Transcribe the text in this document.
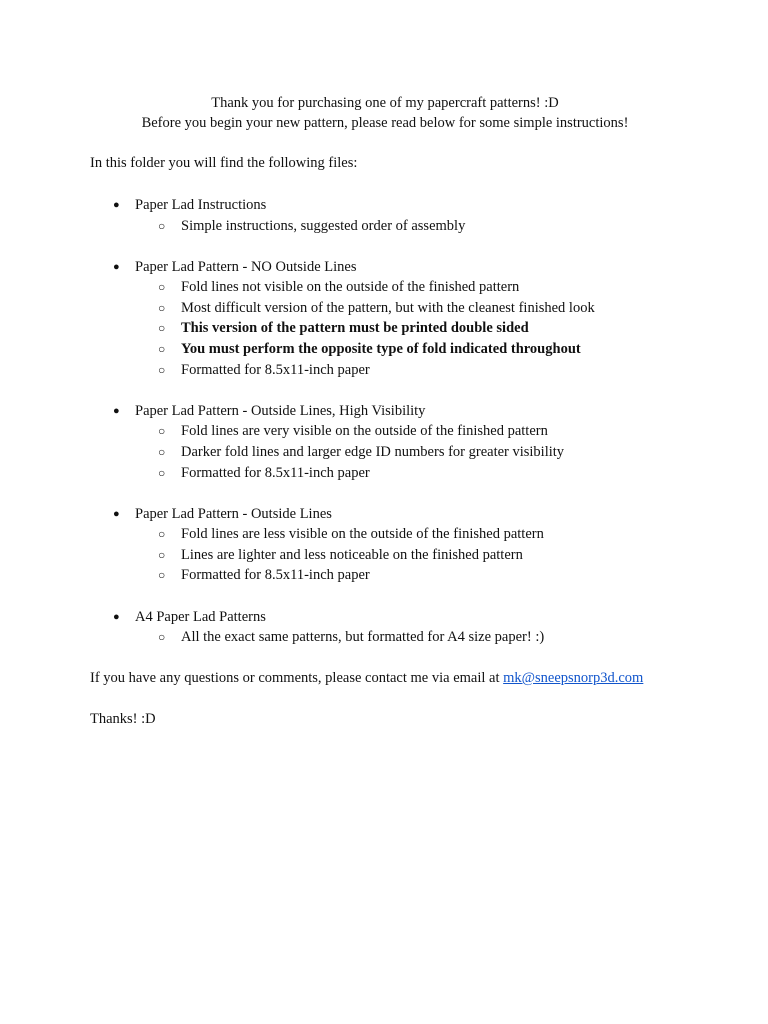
Thank you for purchasing one of my papercraft patterns! :D
Before you begin your new pattern, please read below for some simple instructions!
In this folder you will find the following files:
● Paper Lad Instructions
○ Simple instructions, suggested order of assembly
● Paper Lad Pattern - NO Outside Lines
○ Fold lines not visible on the outside of the finished pattern
○ Most difficult version of the pattern, but with the cleanest finished look
○ This version of the pattern must be printed double sided
○ You must perform the opposite type of fold indicated throughout
○ Formatted for 8.5x11-inch paper
● Paper Lad Pattern - Outside Lines, High Visibility
○ Fold lines are very visible on the outside of the finished pattern
○ Darker fold lines and larger edge ID numbers for greater visibility
○ Formatted for 8.5x11-inch paper
● Paper Lad Pattern - Outside Lines
○ Fold lines are less visible on the outside of the finished pattern
○ Lines are lighter and less noticeable on the finished pattern
○ Formatted for 8.5x11-inch paper
● A4 Paper Lad Patterns
○ All the exact same patterns, but formatted for A4 size paper! :)
If you have any questions or comments, please contact me via email at mk@sneepsnorp3d.com
Thanks! :D
